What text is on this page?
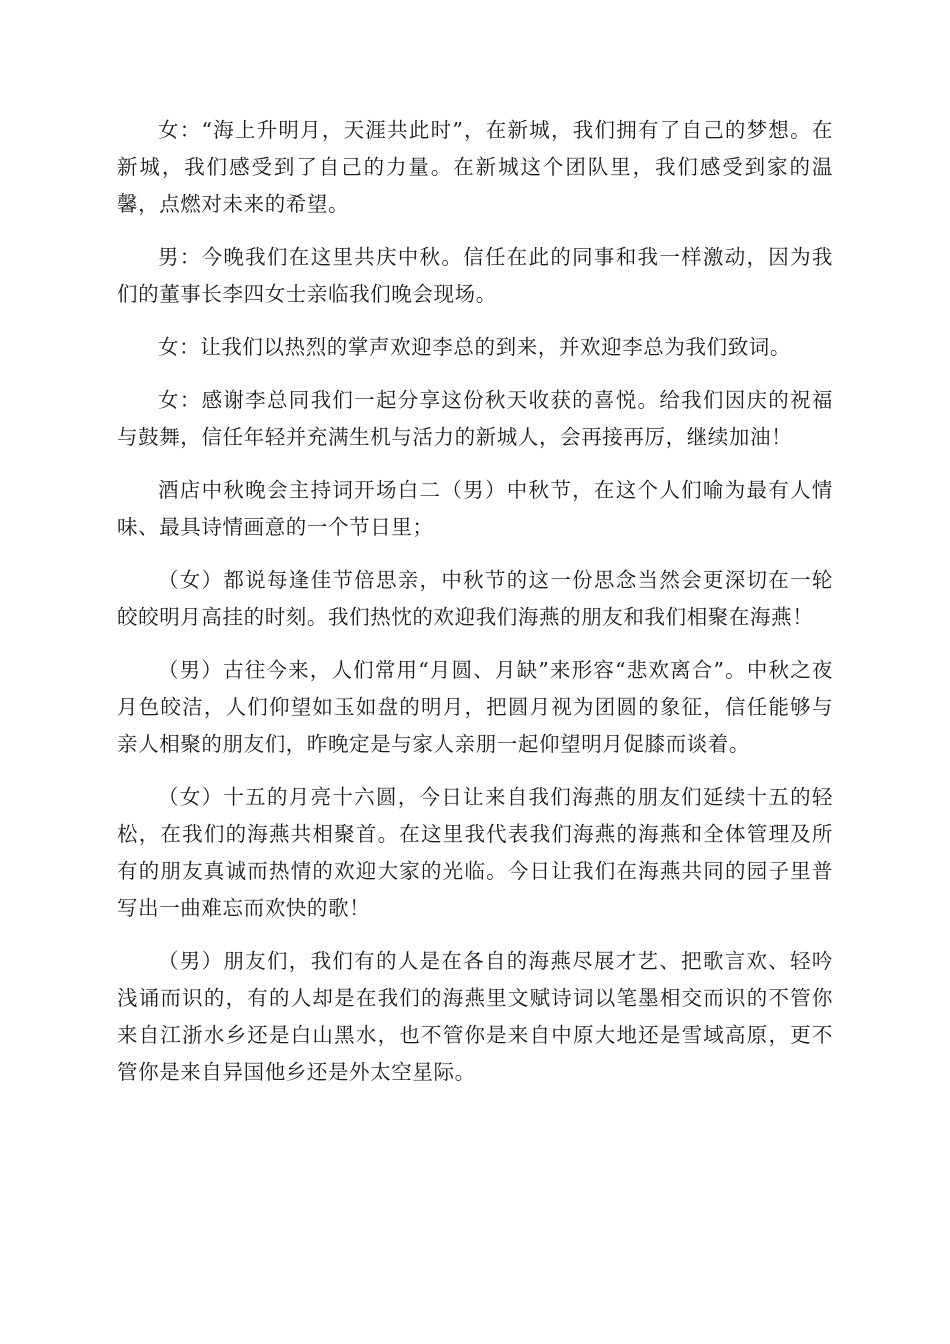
女：“海上升明月，天涯共此时”，在新城，我们拥有了自己的梦想。在新城，我们感受到了自己的力量。在新城这个团队里，我们感受到家的温馨，点燃对未来的希望。

男：今晚我们在这里共庆中秋。信任在此的同事和我一样激动，因为我们的董事长李四女士亲临我们晚会现场。

女：让我们以热烈的掌声欢迎李总的到来，并欢迎李总为我们致词。

女：感谢李总同我们一起分享这份秋天收获的喜悦。给我们因庆的祝福与鼓舞，信任年轻并充满生机与活力的新城人，会再接再厉，继续加油！

酒店中秋晚会主持词开场白二（男）中秋节，在这个人们喻为最有人情味、最具诗情画意的一个节日里；

（女）都说每逢佳节倍思亲，中秋节的这一份思念当然会更深切在一轮皎皎明月高挂的时刻。我们热忱的欢迎我们海燕的朋友和我们相聚在海燕！

（男）古往今来，人们常用“月圆、月缺”来形容“悲欢离合”。中秋之夜月色皎洁，人们仰望如玉如盘的明月，把圆月视为团圆的象征，信任能够与亲人相聚的朋友们，昨晚定是与家人亲朋一起仰望明月促膝而谈着。

（女）十五的月亮十六圆，今日让来自我们海燕的朋友们延续十五的轻松，在我们的海燕共相聚首。在这里我代表我们海燕的海燕和全体管理及所有的朋友真诚而热情的欢迎大家的光临。今日让我们在海燕共同的园子里普写出一曲难忘而欢快的歌！

（男）朋友们，我们有的人是在各自的海燕尽展才艺、把歌言欢、轻吟浅诵而识的，有的人却是在我们的海燕里文赋诗词以笔墨相交而识的不管你来自江浙水乡还是白山黑水，也不管你是来自中原大地还是雪域高原，更不管你是来自异国他乡还是外太空星际。
